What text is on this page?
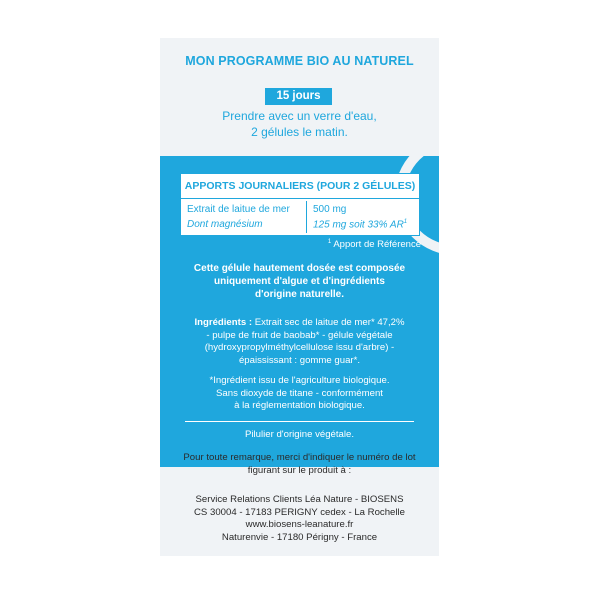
MON PROGRAMME BIO AU NATUREL
15 jours
Prendre avec un verre d'eau,
2 gélules le matin.
APPORTS JOURNALIERS (POUR 2 GÉLULES)
Extrait de laitue de mer 500 mg
Dont magnésium	125 mg soit 33% $AR^1$
$^1$ Apport de Référence
Cette gélule hautement dosée est composée
uniquement d'algue et d'ingrédients
d'origine naturelle.
Ingrédients : Extrait sec de laitue de mer* 47,2%
- pulpe de fruit de baobab* - gélule végétale
(hydroxypropylméthylcellulose issu d'arbre) -
épaississant : gomme guar*.
*Ingrédient issu de l'agriculture biologique.
Sans dioxyde de titane - conformément
à la réglementation biologique.
Pilulier d'origine végétale.
Pour toute remarque, merci d'indiquer le numéro de lot
figurant sur le produit à :
Service Relations Clients Léa Nature - BIOSENS
CS 30004 - 17183 PERIGNY cedex - La Rochelle
www.biosens-leanature.fr
Naturenvie - 17180 Périgny - France
